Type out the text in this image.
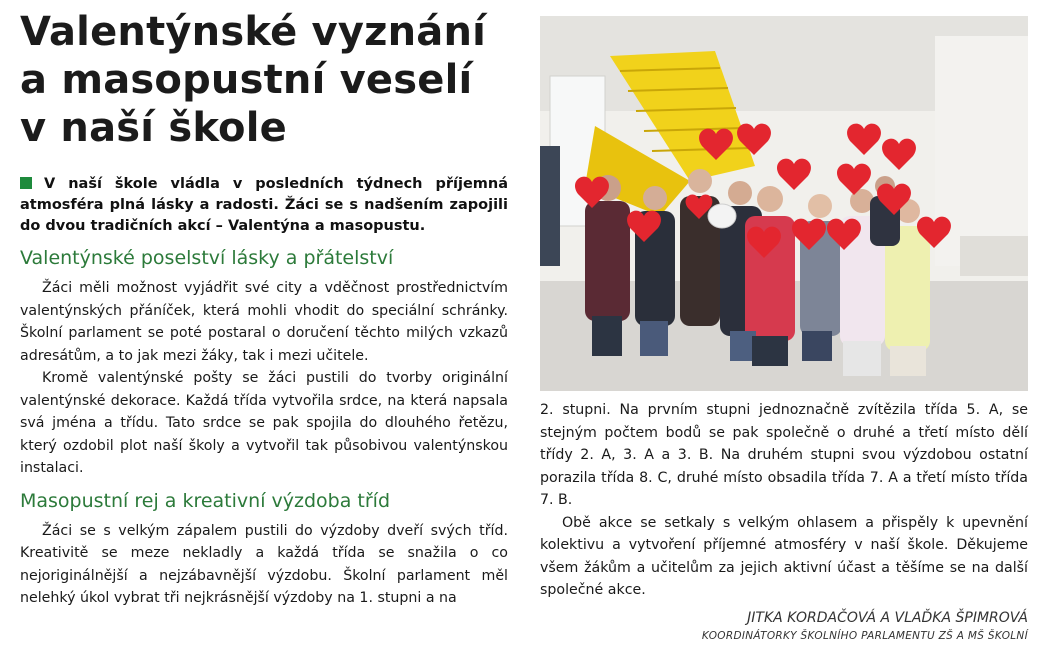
Valentýnské vyznání
a masopustní veselí
v naší škole

V naší škole vládla v posledních týdnech příjemná atmosféra plná lásky a radosti. Žáci se s nadšením zapojili do dvou tradičních akcí – Valentýna a masopustu.

Valentýnské poselství lásky a přátelství

Žáci měli možnost vyjádřit své city a vděčnost prostřednictvím valentýnských přáníček, která mohli vhodit do speciální schránky. Školní parlament se poté postaral o doručení těchto milých vzkazů adresátům, a to jak mezi žáky, tak i mezi učitele.

Kromě valentýnské pošty se žáci pustili do tvorby originální valentýnské dekorace. Každá třída vytvořila srdce, na která napsala svá jména a třídu. Tato srdce se pak spojila do dlouhého řetězu, který ozdobil plot naší školy a vytvořil tak působivou valentýnskou instalaci.

Masopustní rej a kreativní výzdoba tříd

Žáci se s velkým zápalem pustili do výzdoby dveří svých tříd. Kreativitě se meze nekladly a každá třída se snažila o co nejoriginálnější a nejzábavnější výzdobu. Školní parlament měl nelehký úkol vybrat tři nejkrásnější výzdoby na 1. stupni a na

2. stupni. Na prvním stupni jednoznačně zvítězila třída 5. A, se stejným počtem bodů se pak společně o druhé a třetí místo dělí třídy 2. A, 3. A a 3. B. Na druhém stupni svou výzdobou ostatní porazila třída 8. C, druhé místo obsadila třída 7. A a třetí místo třída 7. B.

Obě akce se setkaly s velkým ohlasem a přispěly k upevnění kolektivu a vytvoření příjemné atmosféry v naší škole. Děkujeme všem žákům a učitelům za jejich aktivní účast a těšíme se na další společné akce.

JITKA KORDAČOVÁ A VLAĎKA ŠPIMROVÁ
KOORDINÁTORKY ŠKOLNÍHO PARLAMENTU ZŠ A MŠ ŠKOLNÍ
